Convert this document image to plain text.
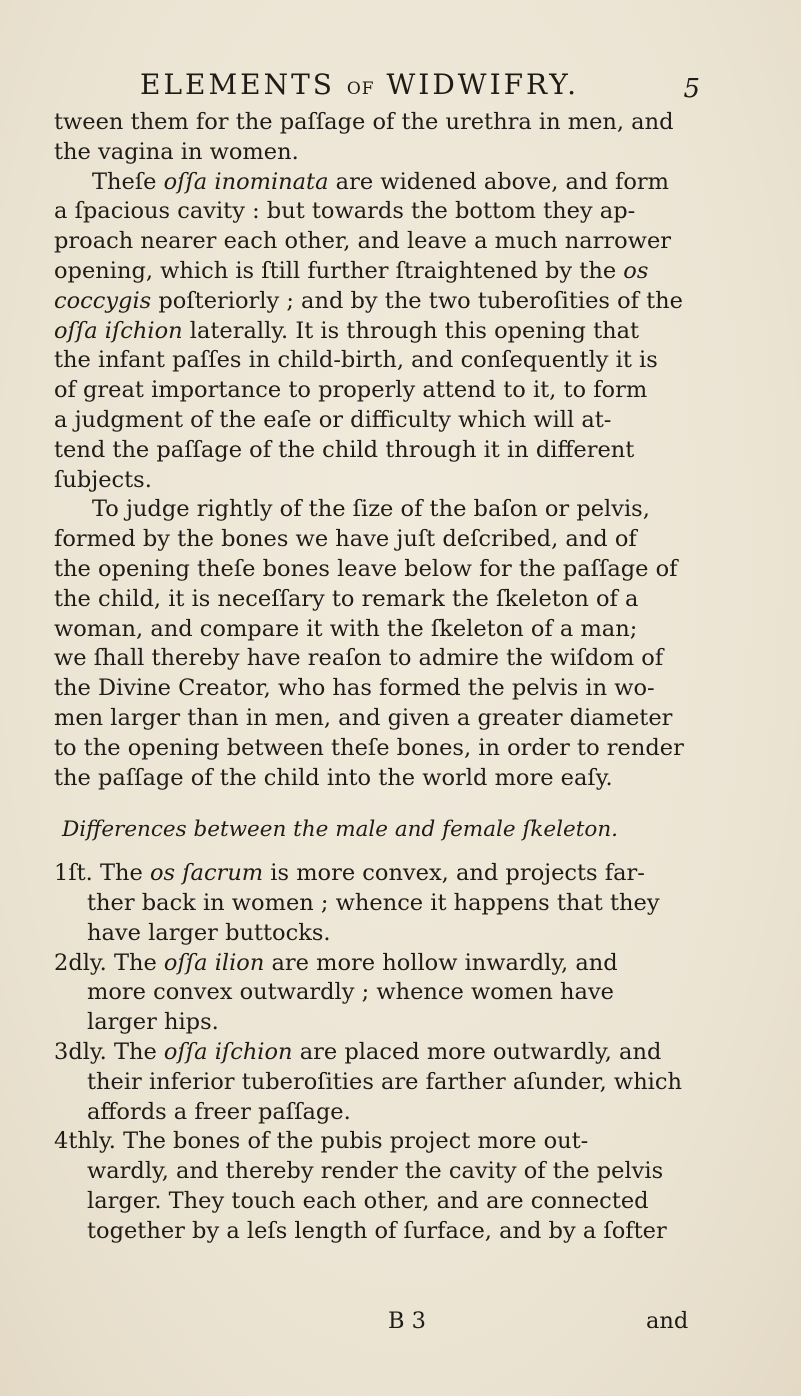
ELEMENTS OF WIDWIFRY.	5
tween them for the paſſage of the urethra in men, and
the vagina in women.
Theſe oſſa inominata are widened above, and form
a ſpacious cavity : but towards the bottom they ap-
proach nearer each other, and leave a much narrower
opening, which is ſtill further ſtraightened by the os
coccygis poſteriorly ; and by the two tuberoſities of the
oſſa iſchion laterally. It is through this opening that
the infant paſſes in child-birth, and conſequently it is
of great importance to properly attend to it, to form
a judgment of the eaſe or difficulty which will at-
tend the paſſage of the child through it in different
ſubjects.
To judge rightly of the ſize of the baſon or pelvis,
formed by the bones we have juſt deſcribed, and of
the opening theſe bones leave below for the paſſage of
the child, it is neceſſary to remark the ſkeleton of a
woman, and compare it with the ſkeleton of a man;
we ſhall thereby have reaſon to admire the wiſdom of
the Divine Creator, who has formed the pelvis in wo-
men larger than in men, and given a greater diameter
to the opening between theſe bones, in order to render
the paſſage of the child into the world more eaſy.
Differences between the male and female ſkeleton.
1ſt. The os ſacrum is more convex, and projects far-
ther back in women ; whence it happens that they
have larger buttocks.
2dly. The oſſa ilion are more hollow inwardly, and
more convex outwardly ; whence women have
larger hips.
3dly. The oſſa iſchion are placed more outwardly, and
their inferior tuberoſities are farther aſunder, which
affords a freer paſſage.
4thly. The bones of the pubis project more out-
wardly, and thereby render the cavity of the pelvis
larger. They touch each other, and are connected
together by a leſs length of ſurface, and by a ſofter
B 3	and
